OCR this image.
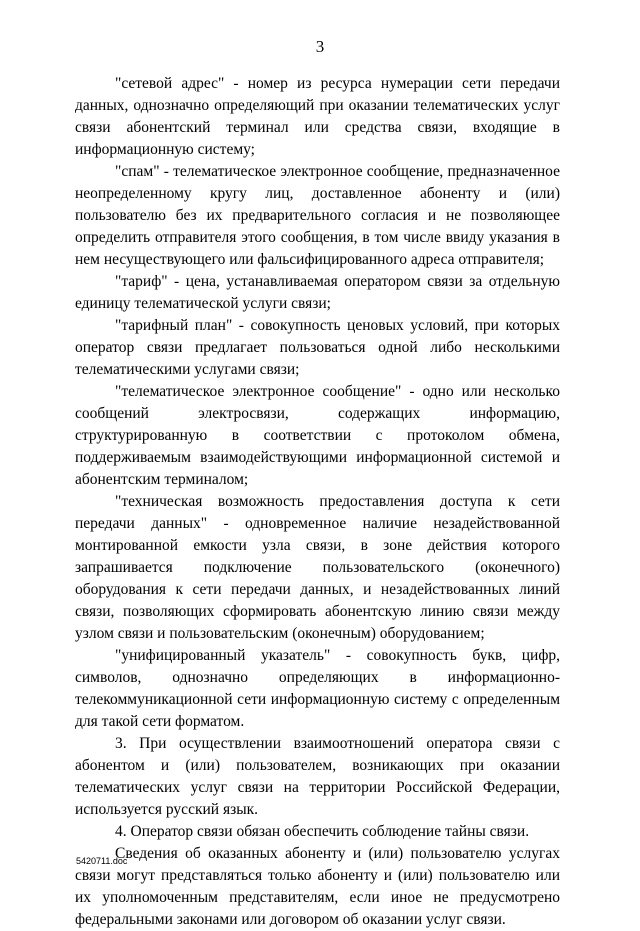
3

"сетевой адрес" - номер из ресурса нумерации сети передачи данных, однозначно определяющий при оказании телематических услуг связи абонентский терминал или средства связи, входящие в информационную систему;

"спам" - телематическое электронное сообщение, предназначенное неопределенному кругу лиц, доставленное абоненту и (или) пользователю без их предварительного согласия и не позволяющее определить отправителя этого сообщения, в том числе ввиду указания в нем несуществующего или фальсифицированного адреса отправителя;

"тариф" - цена, устанавливаемая оператором связи за отдельную единицу телематической услуги связи;

"тарифный план" - совокупность ценовых условий, при которых оператор связи предлагает пользоваться одной либо несколькими телематическими услугами связи;

"телематическое электронное сообщение" - одно или несколько сообщений электросвязи, содержащих информацию, структурированную в соответствии с протоколом обмена, поддерживаемым взаимодействующими информационной системой и абонентским терминалом;

"техническая возможность предоставления доступа к сети передачи данных" - одновременное наличие незадействованной монтированной емкости узла связи, в зоне действия которого запрашивается подключение пользовательского (оконечного) оборудования к сети передачи данных, и незадействованных линий связи, позволяющих сформировать абонентскую линию связи между узлом связи и пользовательским (оконечным) оборудованием;

"унифицированный указатель" - совокупность букв, цифр, символов, однозначно определяющих в информационно-телекоммуникационной сети информационную систему с определенным для такой сети форматом.

3. При осуществлении взаимоотношений оператора связи с абонентом и (или) пользователем, возникающих при оказании телематических услуг связи на территории Российской Федерации, используется русский язык.

4. Оператор связи обязан обеспечить соблюдение тайны связи.

Сведения об оказанных абоненту и (или) пользователю услугах связи могут представляться только абоненту и (или) пользователю или их уполномоченным представителям, если иное не предусмотрено федеральными законами или договором об оказании услуг связи.

5420711.doc
